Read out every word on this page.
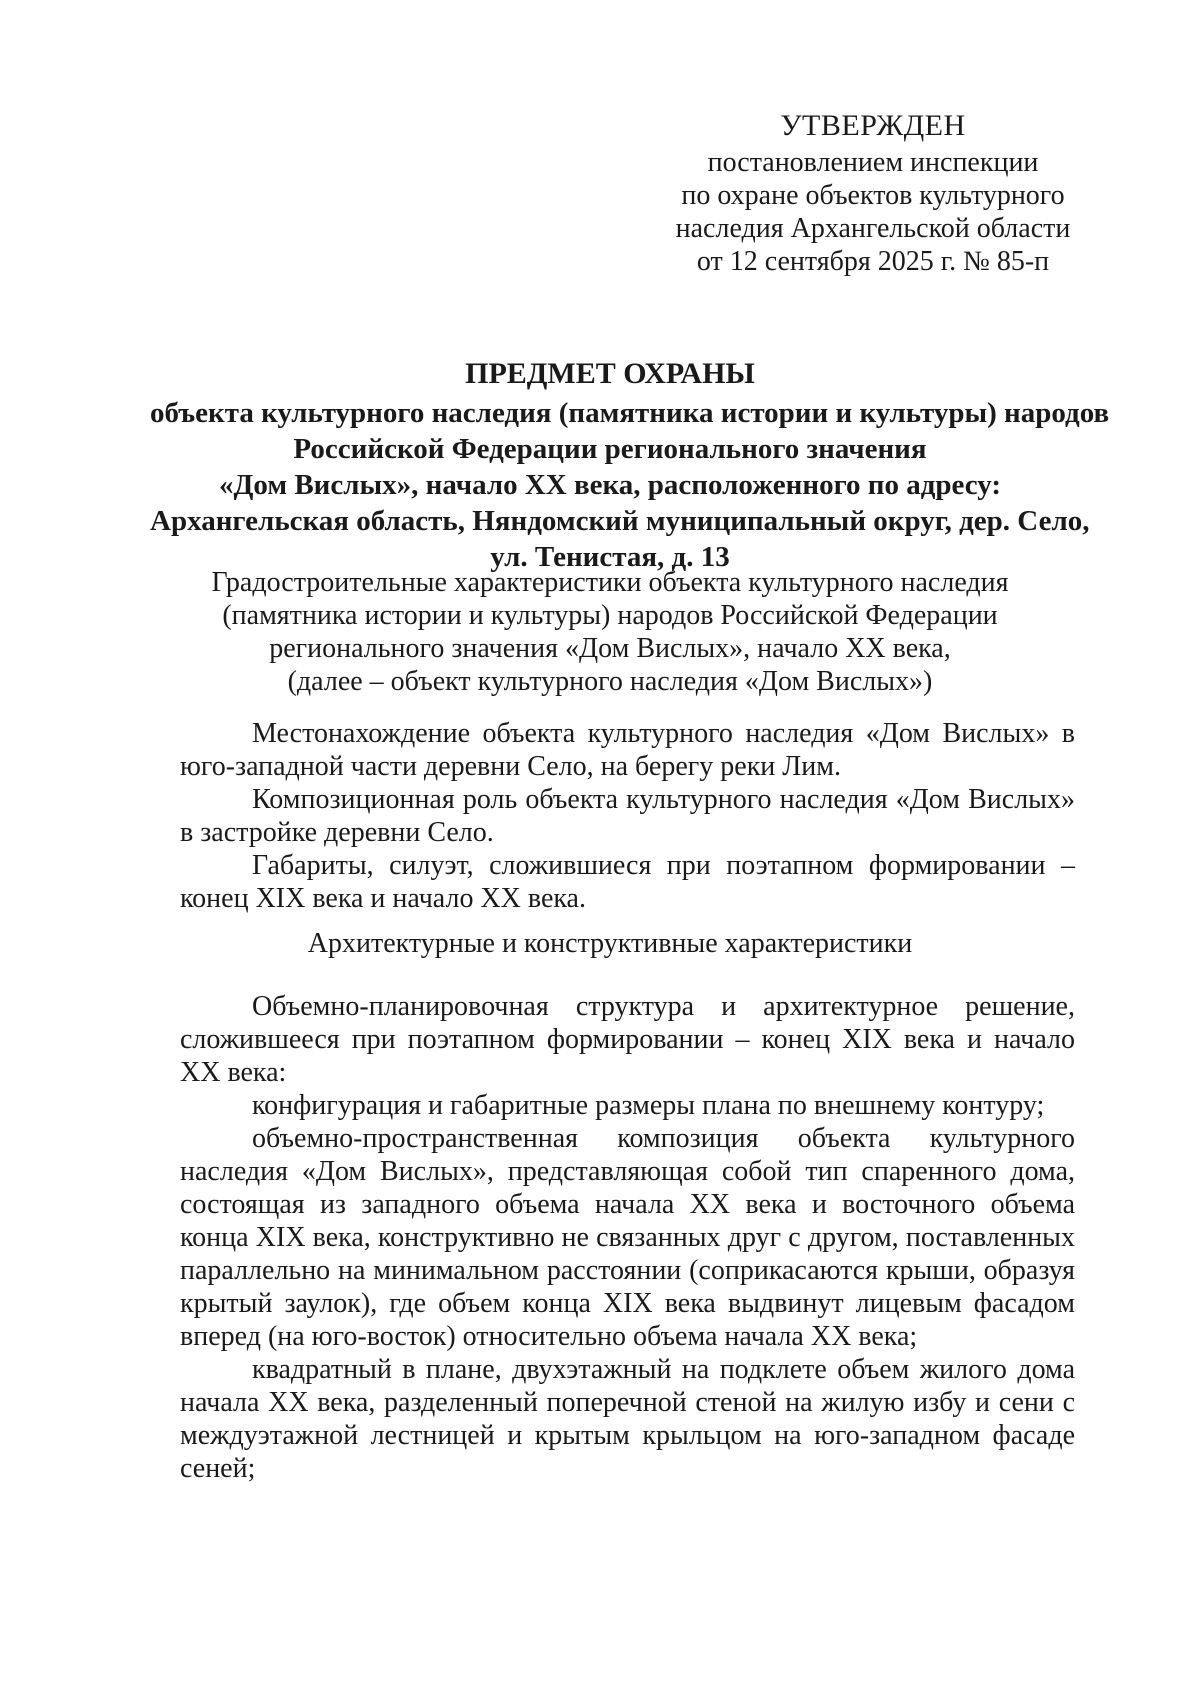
УТВЕРЖДЕН
постановлением инспекции
по охране объектов культурного
наследия Архангельской области
от 12 сентября 2025 г. № 85-п
ПРЕДМЕТ ОХРАНЫ
объекта культурного наследия (памятника истории и культуры) народов
Российской Федерации регионального значения
«Дом Вислых», начало XX века, расположенного по адресу:
Архангельская область, Няндомский муниципальный округ, дер. Село,
ул. Тенистая, д. 13
Градостроительные характеристики объекта культурного наследия
(памятника истории и культуры) народов Российской Федерации
регионального значения «Дом Вислых», начало XX века,
(далее – объект культурного наследия «Дом Вислых»)

Местонахождение объекта культурного наследия «Дом Вислых» в юго-западной части деревни Село, на берегу реки Лим.

Композиционная роль объекта культурного наследия «Дом Вислых» в застройке деревни Село.

Габариты, силуэт, сложившиеся при поэтапном формировании – конец XIX века и начало XX века.

Архитектурные и конструктивные характеристики

Объемно-планировочная структура и архитектурное решение, сложившееся при поэтапном формировании – конец XIX века и начало XX века:

конфигурация и габаритные размеры плана по внешнему контуру;

объемно-пространственная композиция объекта культурного наследия «Дом Вислых», представляющая собой тип спаренного дома, состоящая из западного объема начала XX века и восточного объема конца XIX века, конструктивно не связанных друг с другом, поставленных параллельно на минимальном расстоянии (соприкасаются крыши, образуя крытый заулок), где объем конца XIX века выдвинут лицевым фасадом вперед (на юго-восток) относительно объема начала XX века;

квадратный в плане, двухэтажный на подклете объем жилого дома начала XX века, разделенный поперечной стеной на жилую избу и сени с междуэтажной лестницей и крытым крыльцом на юго-западном фасаде сеней;
